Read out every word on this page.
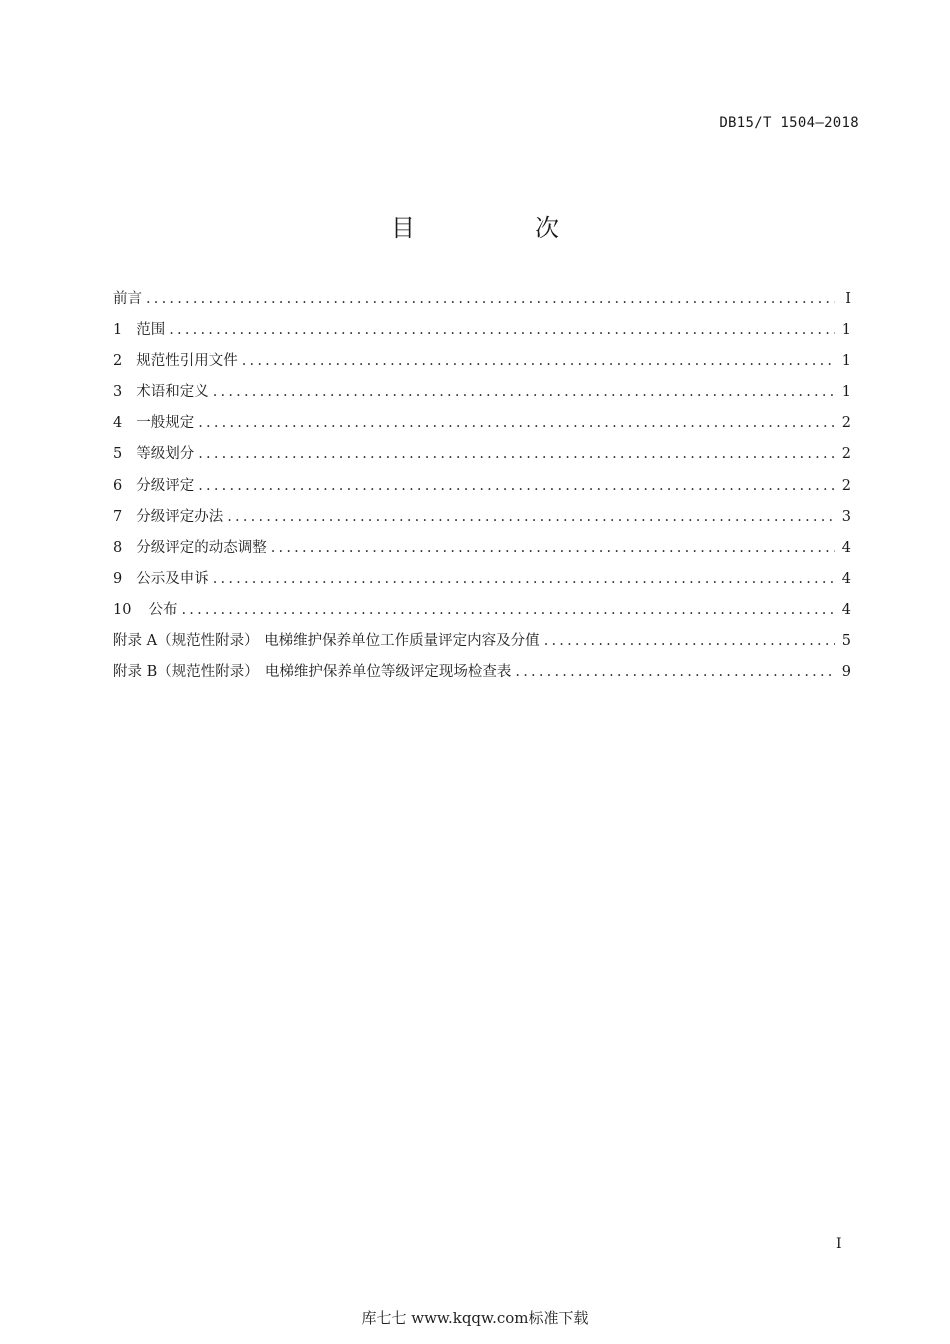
DB15/T 1504—2018
目　次
前言 .....	I
1 范围 .....	1
2 规范性引用文件 .....	1
3 术语和定义 .....	1
4 一般规定 .....	2
5 等级划分 .....	2
6 分级评定 .....	2
7 分级评定办法 .....	3
8 分级评定的动态调整 .....	4
9 公示及申诉 .....	4
10 公布 .....	4
附录 A（规范性附录） 电梯维护保养单位工作质量评定内容及分值 .....	5
附录 B（规范性附录） 电梯维护保养单位等级评定现场检查表 .....	9
I
库七七 www.kqqw.com标准下载
